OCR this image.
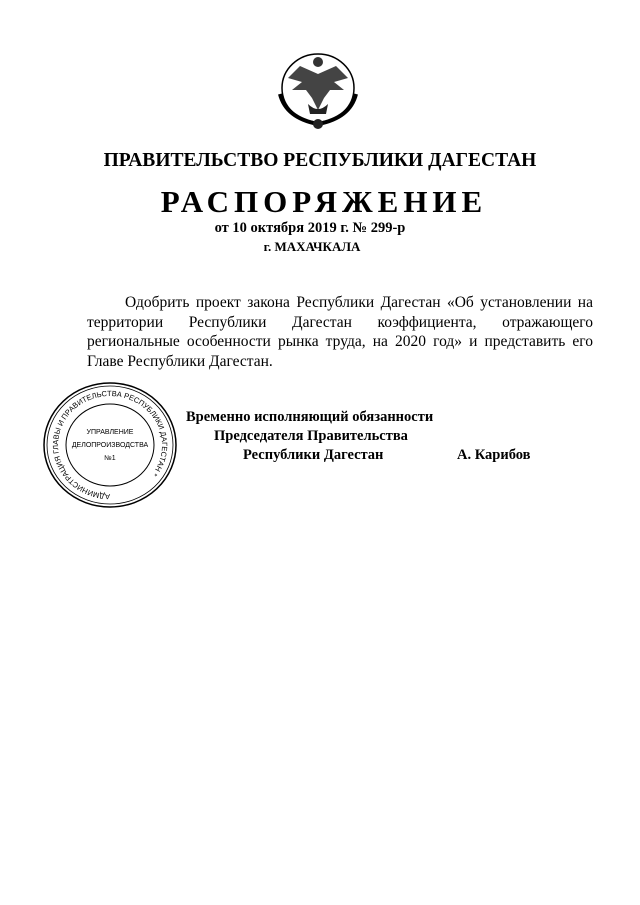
ПРАВИТЕЛЬСТВО РЕСПУБЛИКИ ДАГЕСТАН
РАСПОРЯЖЕНИЕ
от 10 октября 2019 г. № 299-р
г. МАХАЧКАЛА
Одобрить проект закона Республики Дагестан «Об установлении на территории Республики Дагестан коэффициента, отражающего региональные особенности рынка труда, на 2020 год» и представить его Главе Республики Дагестан.
Временно исполняющий обязанности
Председателя Правительства
Республики Дагестан	А. Карибов
АДМИНИСТРАЦИЯ ГЛАВЫ И ПРАВИТЕЛЬСТВА РЕСПУБЛИКИ ДАГЕСТАН *
УПРАВЛЕНИЕ
ДЕЛОПРОИЗВОДСТВА
№1
